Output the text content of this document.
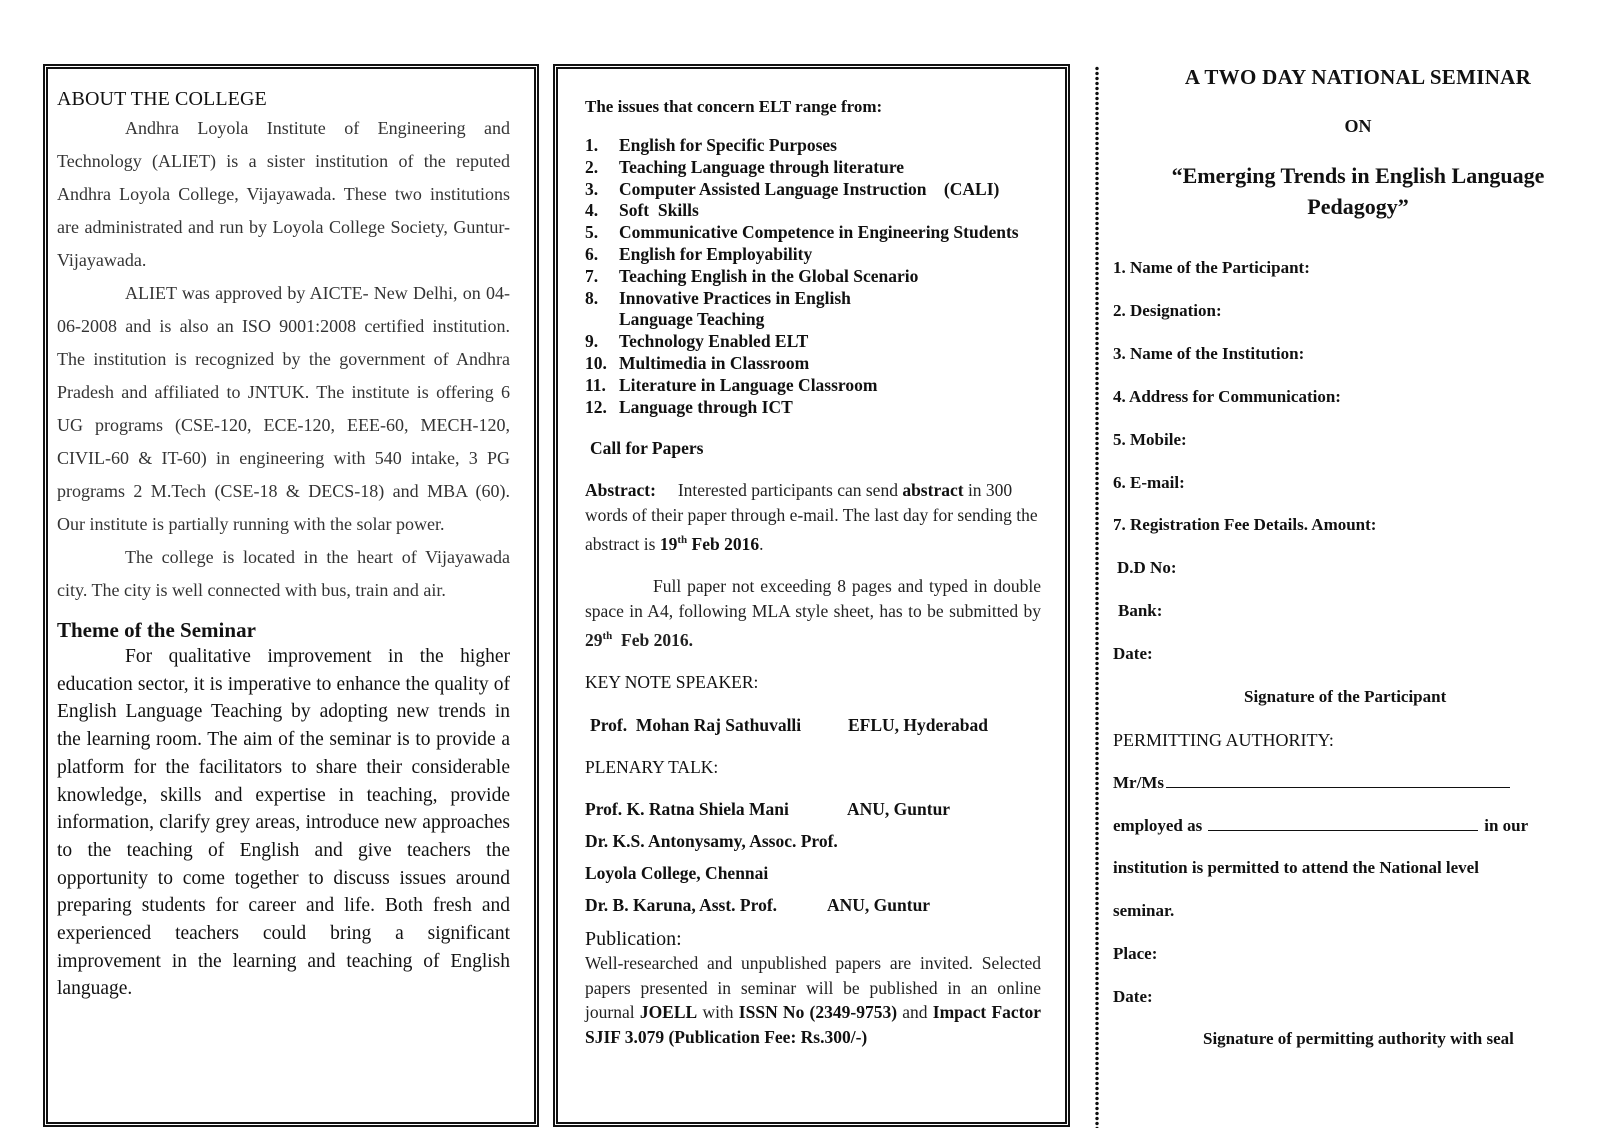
ABOUT THE COLLEGE

Andhra Loyola Institute of Engineering and Technology (ALIET) is a sister institution of the reputed Andhra Loyola College, Vijayawada. These two institutions are administrated and run by Loyola College Society, Guntur-Vijayawada.

ALIET was approved by AICTE- New Delhi, on 04-06-2008 and is also an ISO 9001:2008 certified institution. The institution is recognized by the government of Andhra Pradesh and affiliated to JNTUK. The institute is offering 6 UG programs (CSE-120, ECE-120, EEE-60, MECH-120, CIVIL-60 & IT-60) in engineering with 540 intake, 3 PG programs 2 M.Tech (CSE-18 & DECS-18) and MBA (60). Our institute is partially running with the solar power.

The college is located in the heart of Vijayawada city. The city is well connected with bus, train and air.

Theme of the Seminar

For qualitative improvement in the higher education sector, it is imperative to enhance the quality of English Language Teaching by adopting new trends in the learning room. The aim of the seminar is to provide a platform for the facilitators to share their considerable knowledge, skills and expertise in teaching, provide information, clarify grey areas, introduce new approaches to the teaching of English and give teachers the opportunity to come together to discuss issues around preparing students for career and life. Both fresh and experienced teachers could bring a significant improvement in the learning and teaching of English language.

The issues that concern ELT range from:

1.	English for Specific Purposes
2.	Teaching Language through literature
3.	Computer Assisted Language Instruction    (CALI)
4.	Soft  Skills
5.	Communicative Competence in Engineering Students
6.	English for Employability
7.	Teaching English in the Global Scenario
8.	Innovative Practices in English Language Teaching
9.	Technology Enabled ELT
10. Multimedia in Classroom
11. Literature in Language Classroom
12. Language through ICT

Call for Papers

Abstract: Interested participants can send abstract in 300 words of their paper through e-mail. The last day for sending the abstract is 19th Feb 2016.

Full paper not exceeding 8 pages and typed in double space in A4, following MLA style sheet, has to be submitted by 29th Feb 2016.

KEY NOTE SPEAKER:

Prof.  Mohan Raj Sathuvalli	EFLU, Hyderabad

PLENARY TALK:

Prof. K. Ratna Shiela Mani	ANU, Guntur
Dr. K.S. Antonysamy, Assoc. Prof.
Loyola College, Chennai
Dr. B. Karuna, Asst. Prof.	ANU, Guntur

Publication:

Well-researched and unpublished papers are invited. Selected papers presented in seminar will be published in an online journal JOELL with ISSN No (2349-9753) and Impact Factor SJIF 3.079 (Publication Fee: Rs.300/-)

A TWO DAY NATIONAL SEMINAR
ON
“Emerging Trends in English Language
Pedagogy”
1. Name of the Participant:
2. Designation:
3. Name of the Institution:
4. Address for Communication:
5. Mobile:
6. E-mail:
7. Registration Fee Details. Amount:
D.D No:
Bank:
Date:
Signature of the Participant
PERMITTING AUTHORITY:
Mr/Ms
employed as	in our
institution is permitted to attend the National level
seminar.
Place:
Date:
Signature of permitting authority with seal
